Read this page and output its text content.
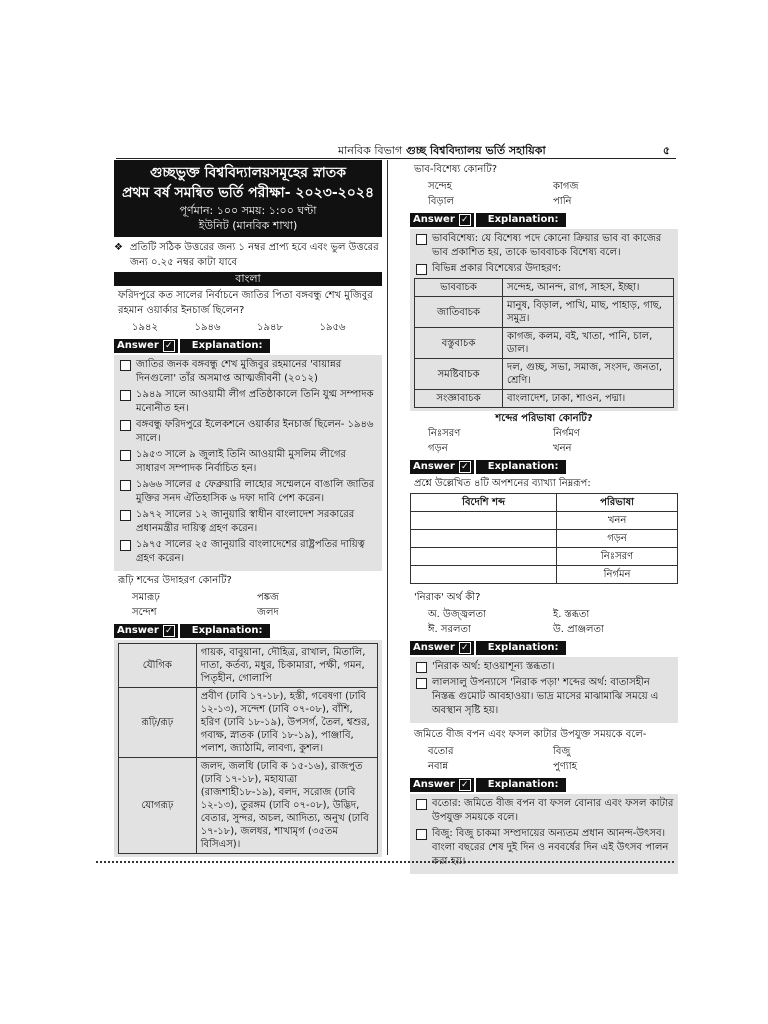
মানবিক বিভাগ গুচ্ছ বিশ্ববিদ্যালয় ভর্তি সহায়িকা	৫
গুচ্ছভুক্ত বিশ্ববিদ্যালয়সমূহের স্নাতক
প্রথম বর্ষ সমন্বিত ভর্তি পরীক্ষা- ২০২৩-২০২৪
পূর্ণমান: ১০০ সময়: ১:০০ ঘণ্টা
ইউনিট (মানবিক শাখা)
❖ প্রতিটি সঠিক উত্তরের জন্য ১ নম্বর প্রাপ্য হবে এবং ভুল উত্তরের জন্য ০.২৫ নম্বর কাটা যাবে
বাংলা
ফরিদপুরে কত সালের নির্বাচনে জাতির পিতা বঙ্গবন্ধু শেখ মুজিবুর রহমান ওয়ার্কার ইনচার্জ ছিলেন?
১৯৪২	১৯৪৬	১৯৪৮	১৯৫৬
Answer ✓	Explanation:
জাতির জনক বঙ্গবন্ধু শেখ মুজিবুর রহমানের 'বায়ান্নর দিনগুলো' তাঁর অসমাপ্ত আত্মজীবনী (২০১২)
১৯৪৯ সালে আওয়ামী লীগ প্রতিষ্ঠাকালে তিনি যুগ্ম সম্পাদক মনোনীত হন।
বঙ্গবন্ধু ফরিদপুরে ইলেকশনে ওয়ার্কার ইনচার্জ ছিলেন- ১৯৪৬ সালে।
১৯৫৩ সালে ৯ জুলাই তিনি আওয়ামী মুসলিম লীগের সাধারণ সম্পাদক নির্বাচিত হন।
১৯৬৬ সালের ৫ ফেব্রুয়ারি লাহোর সম্মেলনে বাঙালি জাতির মুক্তির সনদ ঐতিহাসিক ৬ দফা দাবি পেশ করেন।
১৯৭২ সালের ১২ জানুয়ারি স্বাধীন বাংলাদেশ সরকারের প্রধানমন্ত্রীর দায়িত্ব গ্রহণ করেন।
১৯৭৫ সালের ২৫ জানুয়ারি বাংলাদেশের রাষ্ট্রপতির দায়িত্ব গ্রহণ করেন।
রূঢ়ি শব্দের উদাহরণ কোনটি?
সমারূঢ়	পঙ্কজ
সন্দেশ	জলদ
Answer ✓	Explanation:
যৌগিক	গায়ক, বাবুয়ানা, দৌহিত্র, রাখাল, মিতালি, দাতা, কর্তব্য, মধুর, চিকামারা, পক্ষী, গমন, পিতৃহীন, গোলাপি
রূঢ়ি/রূঢ়	প্রবীণ (ঢাবি ১৭-১৮), হস্তী, গবেষণা (ঢাবি ১২-১৩), সন্দেশ (ঢাবি ০৭-০৮), বাঁশি, হরিণ (ঢাবি ১৮-১৯), উপসর্গ, তৈল, শ্বশুর, গবাক্ষ, স্নাতক (ঢাবি ১৮-১৯), পাঞ্জাবি, পলাশ, জ্যাঠামি, লাবণ্য, কুশল।
যোগরূঢ়	জলদ, জলধি (ঢাবি ক ১৫-১৬), রাজপুত (ঢাবি ১৭-১৮), মহাযাত্রা (রাজশাহী১৮-১৯), বলদ, সরোজ (ঢাবি ১২-১৩), তুরঙ্গম (ঢাবি ০৭-০৮), উদ্ভিদ, বেতার, সুন্দর, অচল, আদিত্য, অনুখ (ঢাবি ১৭-১৮), জলধর, শাখামৃগ (৩৫তম বিসিএস)।
ভাব-বিশেষ্য কোনটি?
সন্দেহ	কাগজ
বিড়াল	পানি
Answer ✓	Explanation:
ভাববিশেষ্য: যে বিশেষ্য পদে কোনো ক্রিয়ার ভাব বা কাজের ভাব প্রকাশিত হয়, তাকে ভাববাচক বিশেষ্য বলে।
বিভিন্ন প্রকার বিশেষ্যের উদাহরণ:
ভাববাচক	সন্দেহ, আনন্দ, রাগ, সাহস, ইচ্ছা।
জাতিবাচক	মানুষ, বিড়াল, পাখি, মাছ, পাহাড়, গাছ, সমুদ্র।
বস্তুবাচক	কাগজ, কলম, বই, খাতা, পানি, চাল, ডাল।
সমষ্টিবাচক	দল, গুচ্ছ, সভা, সমাজ, সংসদ, জনতা, শ্রেণি।
সংজ্ঞাবাচক	বাংলাদেশ, ঢাকা, শাওন, পদ্মা।
শব্দের পরিভাষা কোনটি?
নিঃসরণ	নির্গমণ
গড়ন	খনন
Answer ✓	Explanation:
প্রশ্নে উল্লেখিত ৪টি অপশনের ব্যাখ্যা নিম্নরূপ:
বিদেশি শব্দ	পরিভাষা
	খনন
	গড়ন
	নিঃসরণ
	নির্গমন
'নিরাক' অর্থ কী?
অ. উজ্জ্বলতা	ই. স্তব্ধতা
ঈ. সরলতা	উ. প্রাঞ্জলতা
Answer ✓	Explanation:
'নিরাক অর্থ: হাওয়াশূন্য স্তব্ধতা।
লালসালু উপন্যাসে 'নিরাক পড়া' শব্দের অর্থ: বাতাসহীন নিস্তব্ধ গুমোট আবহাওয়া। ভাদ্র মাসের মাঝামাঝি সময়ে এ অবস্থান সৃষ্টি হয়।
জমিতে বীজ বপন এবং ফসল কাটার উপযুক্ত সময়কে বলে-
বতোর	বিজু
নবান্ন	পুণ্যাহ
Answer ✓	Explanation:
বতোর: জমিতে বীজ বপন বা ফসল বোনার এবং ফসল কাটার উপযুক্ত সময়কে বলে।
বিজু: বিজু চাকমা সম্প্রদায়ের অন্যতম প্রধান আনন্দ-উৎসব। বাংলা বছরের শেষ দুই দিন ও নববর্ষের দিন এই উৎসব পালন করা হয়।
